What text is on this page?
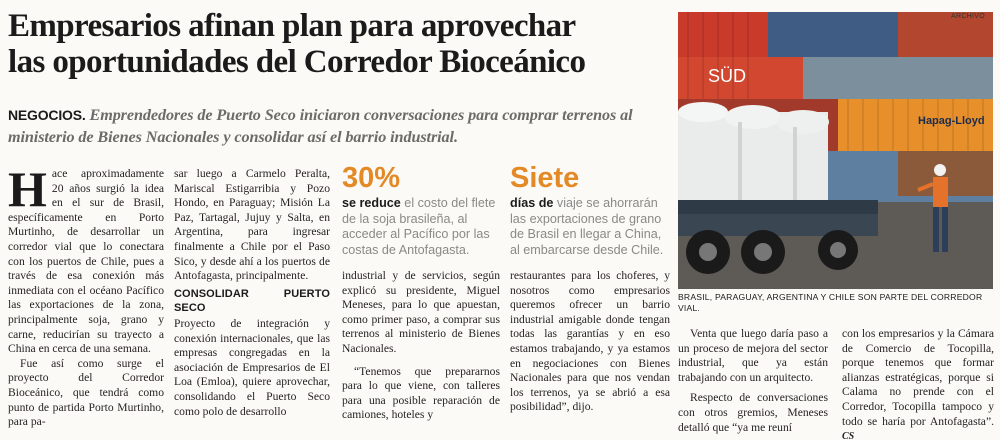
Empresarios afinan plan para aprovechar
las oportunidades del Corredor Bioceánico
NEGOCIOS. Emprendedores de Puerto Seco iniciaron conversaciones para comprar terrenos al ministerio de Bienes Nacionales y consolidar así el barrio industrial.

Hace aproximadamente 20 años surgió la idea en el sur de Brasil, específicamente en Porto Murtinho, de desarrollar un corredor vial que lo conectara con los puertos de Chile, pues a través de esa conexión más inmediata con el océano Pacífico las exportaciones de la zona, principalmente soja, grano y carne, reducirían su trayecto a China en cerca de una semana.

Fue así como surge el proyecto del Corredor Bioceánico, que tendrá como punto de partida Porto Murtinho, para pa-

sar luego a Carmelo Peralta, Mariscal Estigarribia y Pozo Hondo, en Paraguay; Misión La Paz, Tartagal, Jujuy y Salta, en Argentina, para ingresar finalmente a Chile por el Paso Sico, y desde ahí a los puertos de Antofagasta, principalmente.

CONSOLIDAR PUERTO SECO

Proyecto de integración y conexión internacionales, que las empresas congregadas en la asociación de Empresarios de El Loa (Emloa), quiere aprovechar, consolidando el Puerto Seco como polo de desarrollo

30%
se reduce el costo del flete de la soja brasileña, al acceder al Pacífico por las costas de Antofagasta.
Siete
días de viaje se ahorrarán las exportaciones de grano de Brasil en llegar a China, al embarcarse desde Chile.

industrial y de servicios, según explicó su presidente, Miguel Meneses, para lo que apuestan, como primer paso, a comprar sus terrenos al ministerio de Bienes Nacionales.

“Tenemos que prepararnos para lo que viene, con talleres para una posible reparación de camiones, hoteles y

restaurantes para los choferes, y nosotros como empresarios queremos ofrecer un barrio industrial amigable donde tengan todas las garantías y en eso estamos trabajando, y ya estamos en negociaciones con Bienes Nacionales para que nos vendan los terrenos, ya se abrió a esa posibilidad”, dijo.

Venta que luego daría paso a un proceso de mejora del sector industrial, que ya están trabajando con un arquitecto.

Respecto de conversaciones con otros gremios, Meneses detalló que “ya me reuní

con los empresarios y la Cámara de Comercio de Tocopilla, porque tenemos que formar alianzas estratégicas, porque si Calama no prende con el Corredor, Tocopilla tampoco y todo se haría por Antofagasta”. CS

SÜD
Hapag-Lloyd
ARCHIVO
BRASIL, PARAGUAY, ARGENTINA Y CHILE SON PARTE DEL CORREDOR VIAL.
